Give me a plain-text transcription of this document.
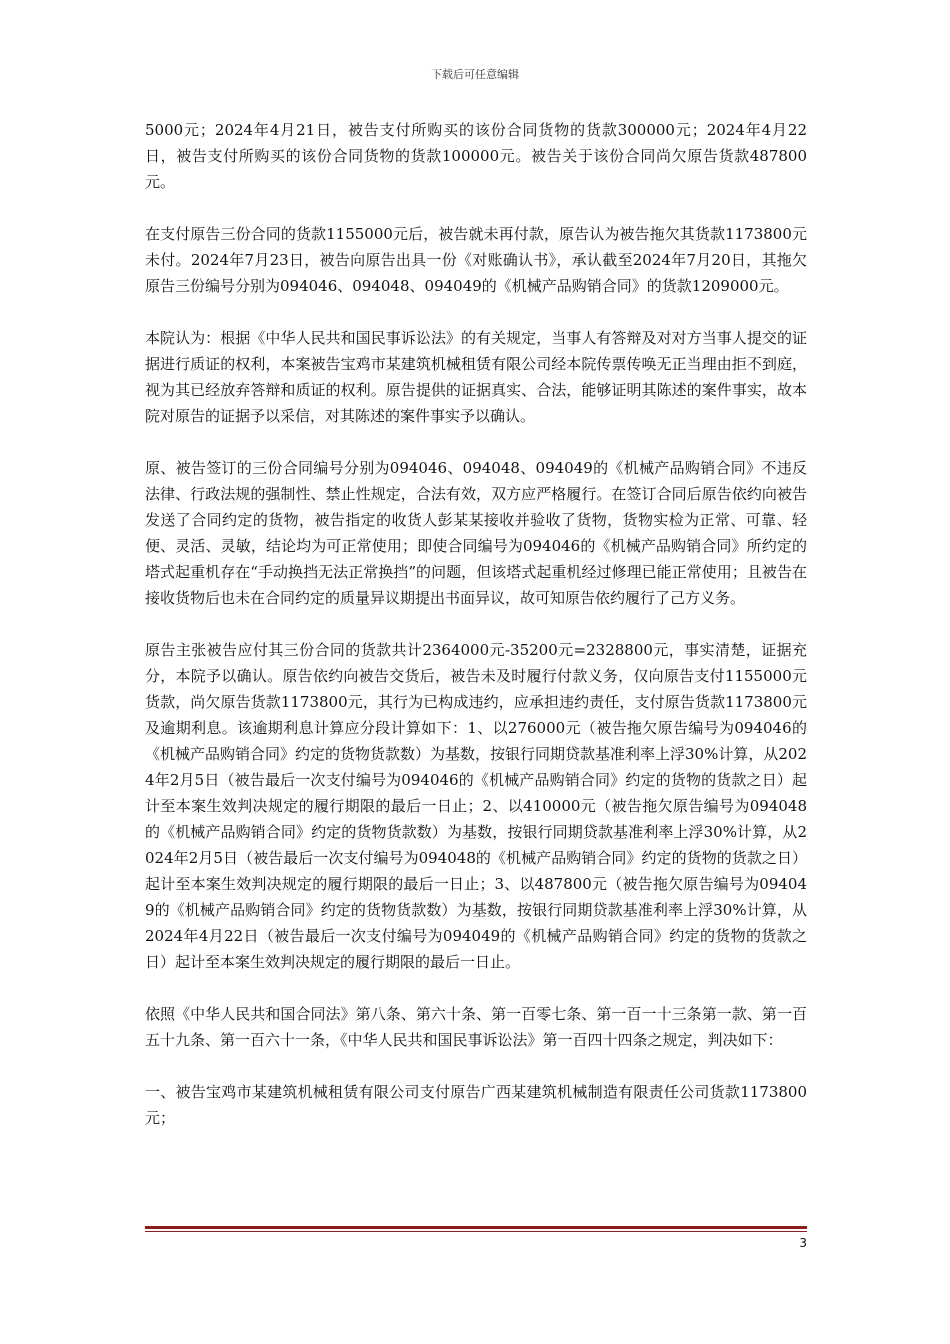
下载后可任意编辑

5000元；2024年4月21日，被告支付所购买的该份合同货物的货款300000元；2024年4月22日，被告支付所购买的该份合同货物的货款100000元。被告关于该份合同尚欠原告货款487800元。

在支付原告三份合同的货款1155000元后，被告就未再付款，原告认为被告拖欠其货款1173800元未付。2024年7月23日，被告向原告出具一份《对账确认书》，承认截至2024年7月20日，其拖欠原告三份编号分别为094046、094048、094049的《机械产品购销合同》的货款1209000元。

本院认为：根据《中华人民共和国民事诉讼法》的有关规定，当事人有答辩及对对方当事人提交的证据进行质证的权利，本案被告宝鸡市某建筑机械租赁有限公司经本院传票传唤无正当理由拒不到庭，视为其已经放弃答辩和质证的权利。原告提供的证据真实、合法，能够证明其陈述的案件事实，故本院对原告的证据予以采信，对其陈述的案件事实予以确认。

原、被告签订的三份合同编号分别为094046、094048、094049的《机械产品购销合同》不违反法律、行政法规的强制性、禁止性规定，合法有效，双方应严格履行。在签订合同后原告依约向被告发送了合同约定的货物，被告指定的收货人彭某某接收并验收了货物，货物实检为正常、可靠、轻便、灵活、灵敏，结论均为可正常使用；即使合同编号为094046的《机械产品购销合同》所约定的塔式起重机存在“手动换挡无法正常换挡”的问题，但该塔式起重机经过修理已能正常使用；且被告在接收货物后也未在合同约定的质量异议期提出书面异议，故可知原告依约履行了己方义务。

原告主张被告应付其三份合同的货款共计2364000元-35200元=2328800元，事实清楚，证据充分，本院予以确认。原告依约向被告交货后，被告未及时履行付款义务，仅向原告支付1155000元货款，尚欠原告货款1173800元，其行为已构成违约，应承担违约责任，支付原告货款1173800元及逾期利息。该逾期利息计算应分段计算如下：1、以276000元（被告拖欠原告编号为094046的《机械产品购销合同》约定的货物货款数）为基数，按银行同期贷款基准利率上浮30%计算，从2024年2月5日（被告最后一次支付编号为094046的《机械产品购销合同》约定的货物的货款之日）起计至本案生效判决规定的履行期限的最后一日止；2、以410000元（被告拖欠原告编号为094048的《机械产品购销合同》约定的货物货款数）为基数，按银行同期贷款基准利率上浮30%计算，从2024年2月5日（被告最后一次支付编号为094048的《机械产品购销合同》约定的货物的货款之日）起计至本案生效判决规定的履行期限的最后一日止；3、以487800元（被告拖欠原告编号为094049的《机械产品购销合同》约定的货物货款数）为基数，按银行同期贷款基准利率上浮30%计算，从2024年4月22日（被告最后一次支付编号为094049的《机械产品购销合同》约定的货物的货款之日）起计至本案生效判决规定的履行期限的最后一日止。

依照《中华人民共和国合同法》第八条、第六十条、第一百零七条、第一百一十三条第一款、第一百五十九条、第一百六十一条，《中华人民共和国民事诉讼法》第一百四十四条之规定，判决如下：

一、被告宝鸡市某建筑机械租赁有限公司支付原告广西某建筑机械制造有限责任公司货款1173800元；

3
